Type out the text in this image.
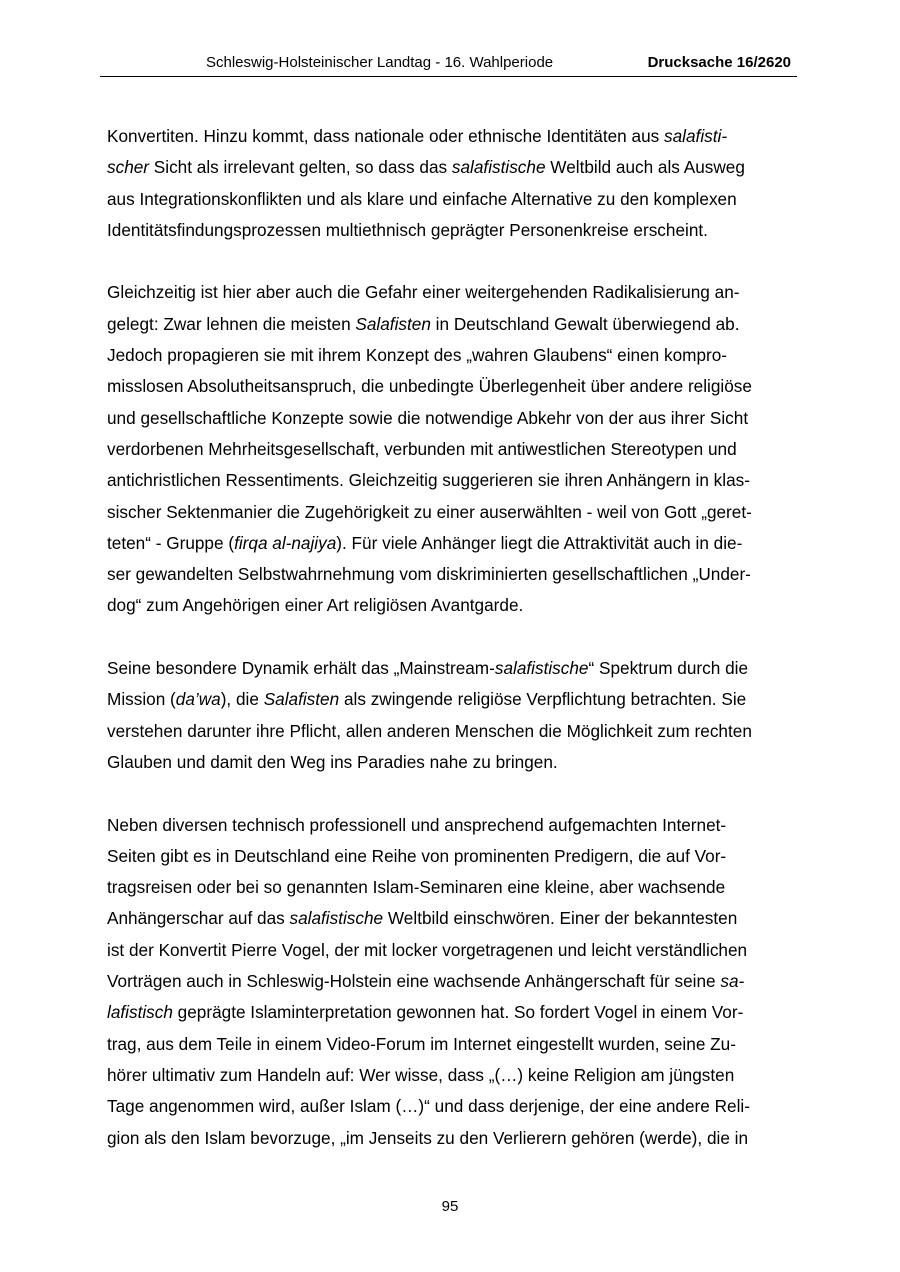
Schleswig-Holsteinischer Landtag - 16. Wahlperiode	Drucksache 16/2620
Konvertiten. Hinzu kommt, dass nationale oder ethnische Identitäten aus salafisti-
scher Sicht als irrelevant gelten, so dass das salafistische Weltbild auch als Ausweg
aus Integrationskonflikten und als klare und einfache Alternative zu den komplexen
Identitätsfindungsprozessen multiethnisch geprägter Personenkreise erscheint.
Gleichzeitig ist hier aber auch die Gefahr einer weitergehenden Radikalisierung an-
gelegt: Zwar lehnen die meisten Salafisten in Deutschland Gewalt überwiegend ab.
Jedoch propagieren sie mit ihrem Konzept des „wahren Glaubens“ einen kompro-
misslosen Absolutheitsanspruch, die unbedingte Überlegenheit über andere religiöse
und gesellschaftliche Konzepte sowie die notwendige Abkehr von der aus ihrer Sicht
verdorbenen Mehrheitsgesellschaft, verbunden mit antiwestlichen Stereotypen und
antichristlichen Ressentiments. Gleichzeitig suggerieren sie ihren Anhängern in klas-
sischer Sektenmanier die Zugehörigkeit zu einer auserwählten - weil von Gott „geret-
teten“ - Gruppe (firqa al-najiya). Für viele Anhänger liegt die Attraktivität auch in die-
ser gewandelten Selbstwahrnehmung vom diskriminierten gesellschaftlichen „Under-
dog“ zum Angehörigen einer Art religiösen Avantgarde.
Seine besondere Dynamik erhält das „Mainstream-salafistische“ Spektrum durch die
Mission (da’wa), die Salafisten als zwingende religiöse Verpflichtung betrachten. Sie
verstehen darunter ihre Pflicht, allen anderen Menschen die Möglichkeit zum rechten
Glauben und damit den Weg ins Paradies nahe zu bringen.
Neben diversen technisch professionell und ansprechend aufgemachten Internet-
Seiten gibt es in Deutschland eine Reihe von prominenten Predigern, die auf Vor-
tragsreisen oder bei so genannten Islam-Seminaren eine kleine, aber wachsende
Anhängerschar auf das salafistische Weltbild einschwören. Einer der bekanntesten
ist der Konvertit Pierre Vogel, der mit locker vorgetragenen und leicht verständlichen
Vorträgen auch in Schleswig-Holstein eine wachsende Anhängerschaft für seine sa-
lafistisch geprägte Islaminterpretation gewonnen hat. So fordert Vogel in einem Vor-
trag, aus dem Teile in einem Video-Forum im Internet eingestellt wurden, seine Zu-
hörer ultimativ zum Handeln auf: Wer wisse, dass „(…) keine Religion am jüngsten
Tage angenommen wird, außer Islam (…)“ und dass derjenige, der eine andere Reli-
gion als den Islam bevorzuge, „im Jenseits zu den Verlierern gehören (werde), die in
95
